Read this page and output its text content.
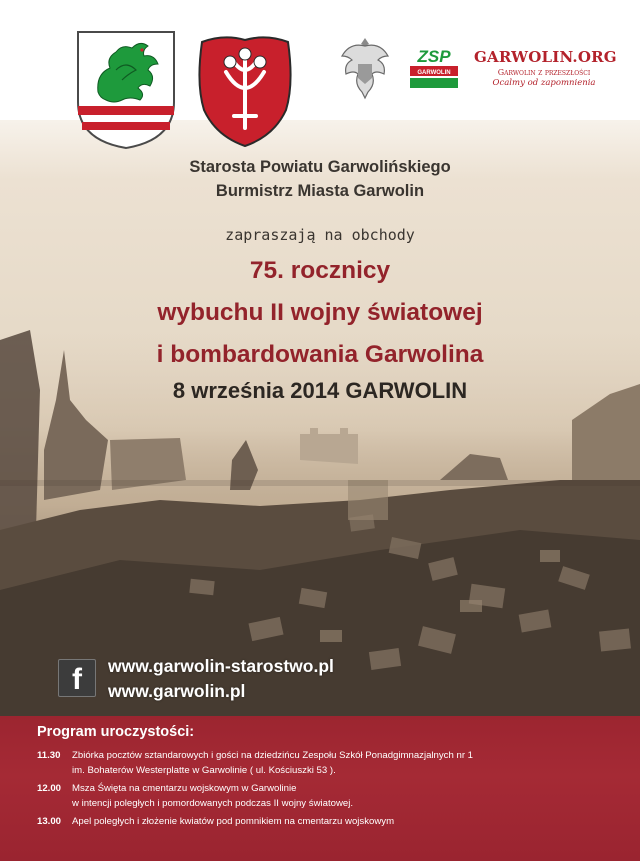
ZSP
GARWOLIN
GARWOLIN.ORG
Garwolin z przeszłości
Ocalmy od zapomnienia
Starosta Powiatu Garwolińskiego
Burmistrz Miasta Garwolin
zapraszają na obchody
75. rocznicy
wybuchu II wojny światowej
i bombardowania Garwolina
8 września 2014 GARWOLIN
f	www.garwolin-starostwo.pl
www.garwolin.pl
Program uroczystości:
11.30 Zbiórka pocztów sztandarowych i gości na dziedzińcu Zespołu Szkół Ponadgimnazjalnych nr 1
im. Bohaterów Westerplatte w Garwolinie ( ul. Kościuszki 53 ).
12.00 Msza Święta na cmentarzu wojskowym w Garwolinie
w intencji poległych i pomordowanych podczas II wojny światowej.
13.00 Apel poległych i złożenie kwiatów pod pomnikiem na cmentarzu wojskowym
